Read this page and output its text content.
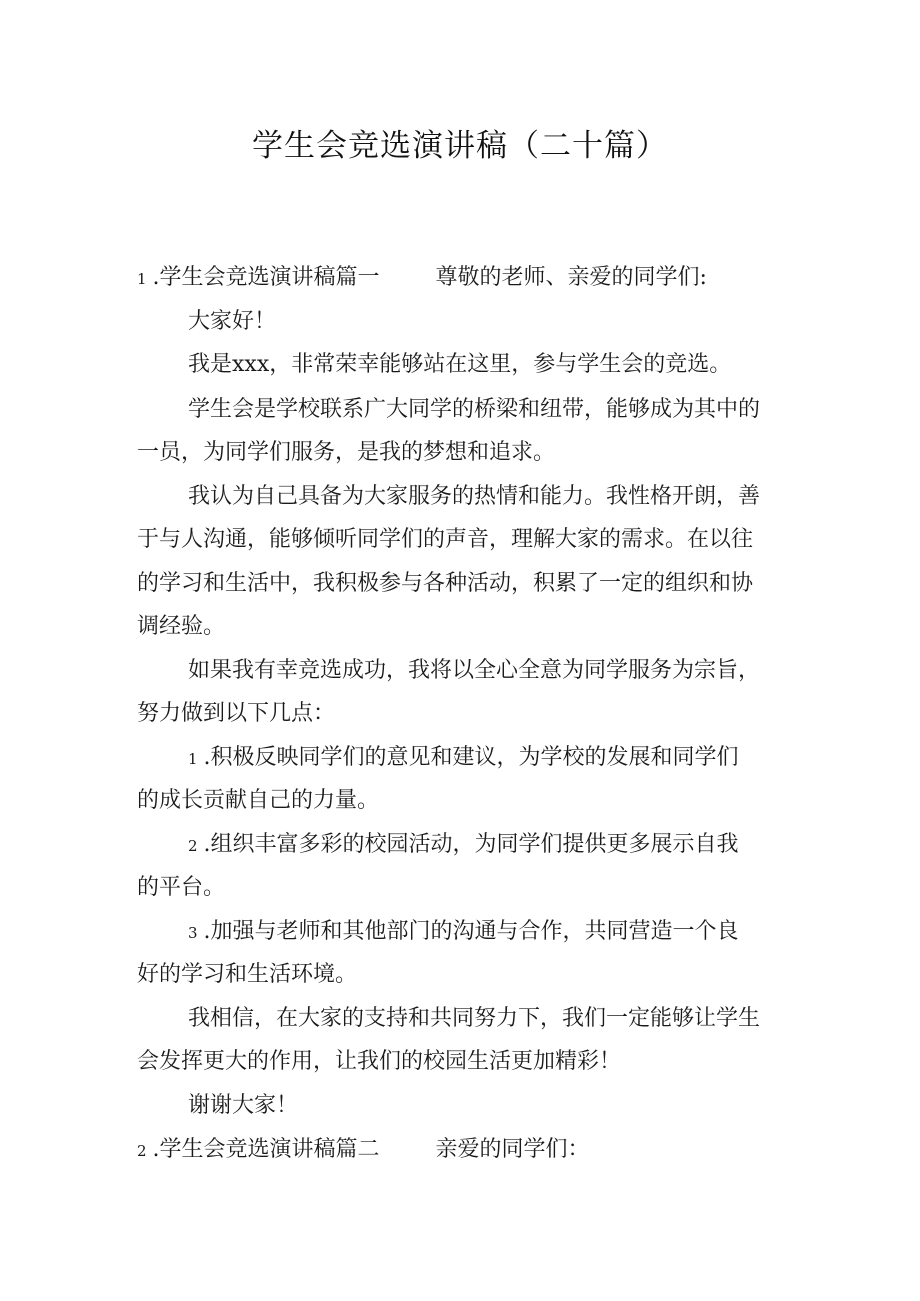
学生会竞选演讲稿（二十篇）
1 .学生会竞选演讲稿篇一	尊敬的老师、亲爱的同学们:
大家好！
我是xxx，非常荣幸能够站在这里，参与学生会的竞选。
学生会是学校联系广大同学的桥梁和纽带，能够成为其中的
一员，为同学们服务，是我的梦想和追求。
我认为自己具备为大家服务的热情和能力。我性格开朗，善
于与人沟通，能够倾听同学们的声音，理解大家的需求。在以往
的学习和生活中，我积极参与各种活动，积累了一定的组织和协
调经验。
如果我有幸竞选成功，我将以全心全意为同学服务为宗旨，
努力做到以下几点：
1 .积极反映同学们的意见和建议，为学校的发展和同学们
的成长贡献自己的力量。
2 .组织丰富多彩的校园活动，为同学们提供更多展示自我
的平台。
3 .加强与老师和其他部门的沟通与合作，共同营造一个良
好的学习和生活环境。
我相信，在大家的支持和共同努力下，我们一定能够让学生
会发挥更大的作用，让我们的校园生活更加精彩！
谢谢大家！
2 .学生会竞选演讲稿篇二	亲爱的同学们：
